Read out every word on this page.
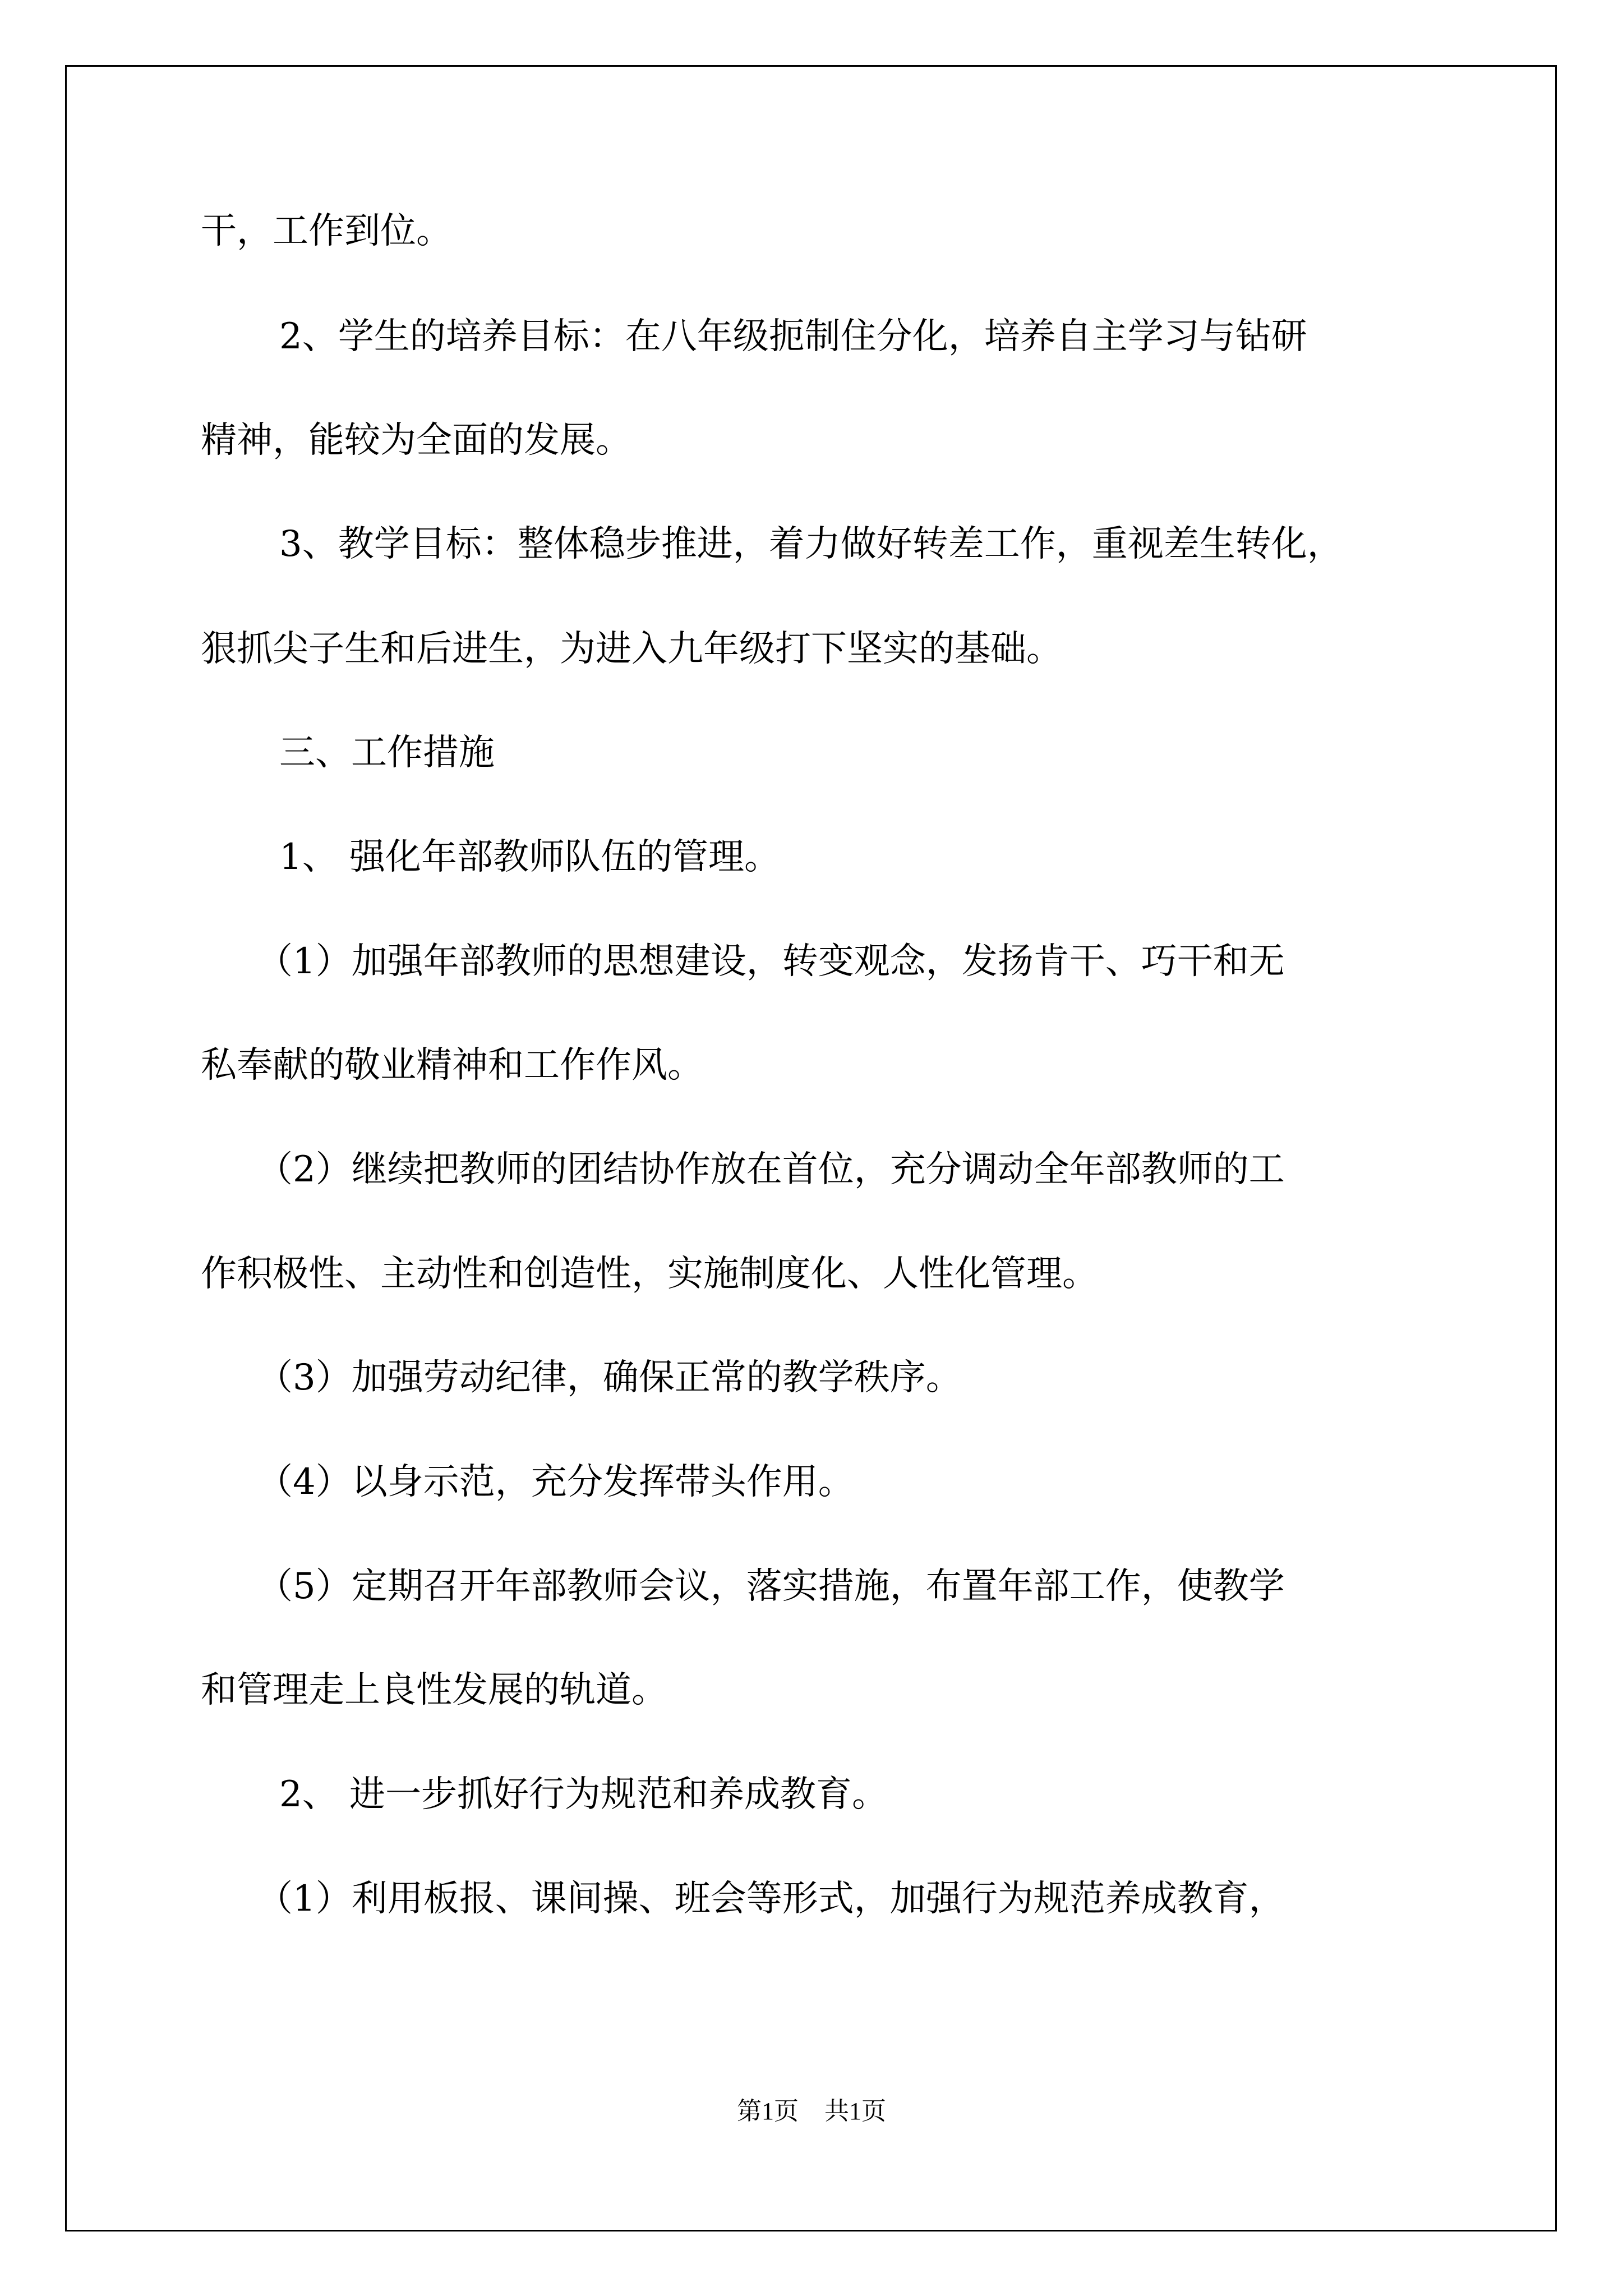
干，工作到位。

2、学生的培养目标：在八年级扼制住分化，培养自主学习与钻研

精神，能较为全面的发展。

3、教学目标：整体稳步推进，着力做好转差工作，重视差生转化，

狠抓尖子生和后进生，为进入九年级打下坚实的基础。

三、工作措施

1、 强化年部教师队伍的管理。

（1）加强年部教师的思想建设，转变观念，发扬肯干、巧干和无

私奉献的敬业精神和工作作风。

（2）继续把教师的团结协作放在首位，充分调动全年部教师的工

作积极性、主动性和创造性，实施制度化、人性化管理。

（3）加强劳动纪律，确保正常的教学秩序。

（4）以身示范，充分发挥带头作用。

（5）定期召开年部教师会议，落实措施，布置年部工作，使教学

和管理走上良性发展的轨道。

2、 进一步抓好行为规范和养成教育。

（1）利用板报、课间操、班会等形式，加强行为规范养成教育，

第1页 共1页
